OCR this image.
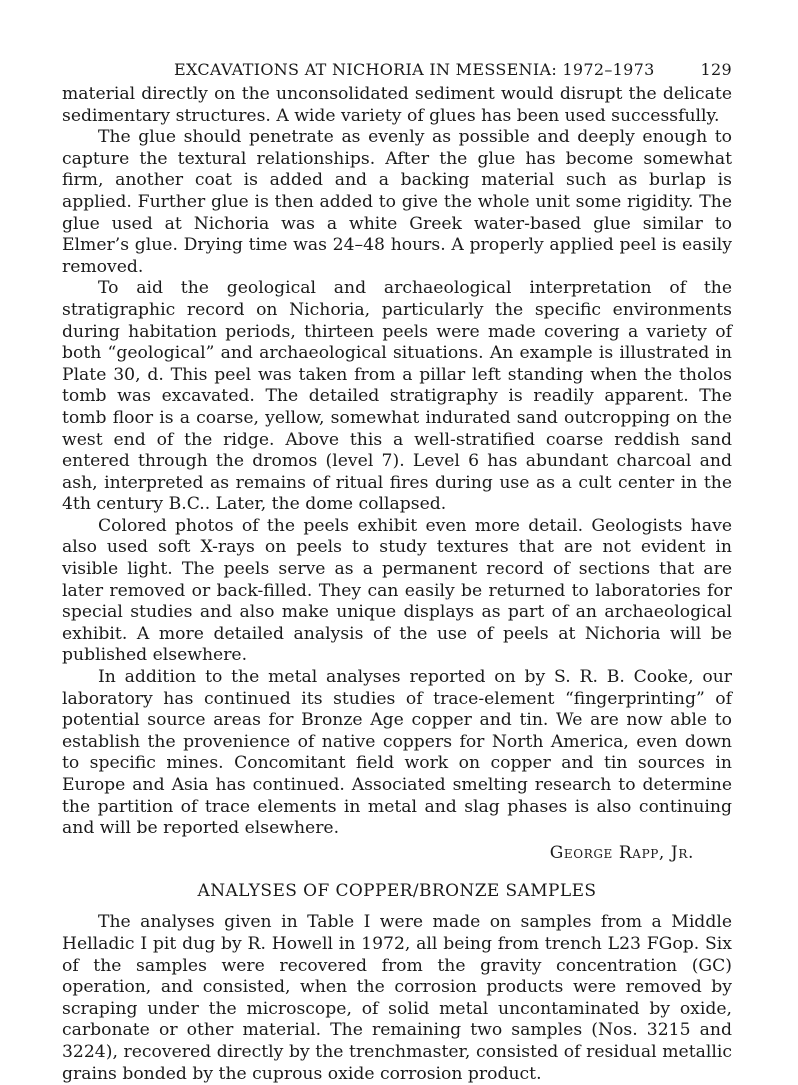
EXCAVATIONS AT NICHORIA IN MESSENIA: 1972–1973	129

material directly on the unconsolidated sediment would disrupt the delicate sedimentary structures. A wide variety of glues has been used successfully.

The glue should penetrate as evenly as possible and deeply enough to capture the textural relationships. After the glue has become somewhat firm, another coat is added and a backing material such as burlap is applied. Further glue is then added to give the whole unit some rigidity. The glue used at Nichoria was a white Greek water-based glue similar to Elmer’s glue. Drying time was 24–48 hours. A properly applied peel is easily removed.

To aid the geological and archaeological interpretation of the stratigraphic record on Nichoria, particularly the specific environments during habitation periods, thirteen peels were made covering a variety of both “geological” and archaeological situations. An example is illustrated in Plate 30, d. This peel was taken from a pillar left standing when the tholos tomb was excavated. The detailed stratigraphy is readily apparent. The tomb floor is a coarse, yellow, somewhat indurated sand outcropping on the west end of the ridge. Above this a well-stratified coarse reddish sand entered through the dromos (level 7). Level 6 has abundant charcoal and ash, interpreted as remains of ritual fires during use as a cult center in the 4th century B.C.. Later, the dome collapsed.

Colored photos of the peels exhibit even more detail. Geologists have also used soft X-rays on peels to study textures that are not evident in visible light. The peels serve as a permanent record of sections that are later removed or back-filled. They can easily be returned to laboratories for special studies and also make unique displays as part of an archaeological exhibit. A more detailed analysis of the use of peels at Nichoria will be published elsewhere.

In addition to the metal analyses reported on by S. R. B. Cooke, our laboratory has continued its studies of trace-element “fingerprinting” of potential source areas for Bronze Age copper and tin. We are now able to establish the provenience of native coppers for North America, even down to specific mines. Concomitant field work on copper and tin sources in Europe and Asia has continued. Associated smelting research to determine the partition of trace elements in metal and slag phases is also continuing and will be reported elsewhere.

George Rapp, Jr.
ANALYSES OF COPPER/BRONZE SAMPLES

The analyses given in Table I were made on samples from a Middle Helladic I pit dug by R. Howell in 1972, all being from trench L23 FGop. Six of the samples were recovered from the gravity concentration (GC) operation, and consisted, when the corrosion products were removed by scraping under the microscope, of solid metal uncontaminated by oxide, carbonate or other material. The remaining two samples (Nos. 3215 and 3224), recovered directly by the trenchmaster, consisted of residual metallic grains bonded by the cuprous oxide corrosion product.
